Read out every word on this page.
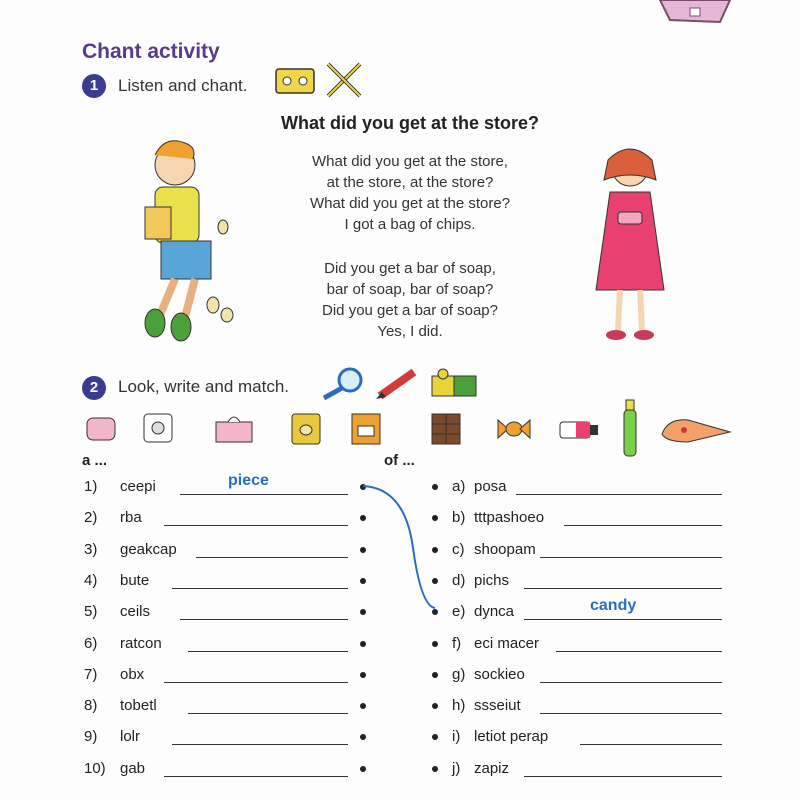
Chant activity
1	Listen and chant.
What did you get at the store?
What did you get at the store,
at the store, at the store?
What did you get at the store?
I got a bag of chips.
Did you get a bar of soap,
bar of soap, bar of soap?
Did you get a bar of soap?
Yes, I did.
2	Look, write and match.
a ...	of ...
1) ceepi	piece
2) rba
3) geakcap
4) bute
5) ceils
6) ratcon
7) obx
8) tobetl
9) lolr
10) gab
a) posa
b) tttpashoeo
c) shoopam
d) pichs
e) dynca	candy
f) eci macer
g) sockieo
h) ssseiut
i) letiot perap
j) zapiz
